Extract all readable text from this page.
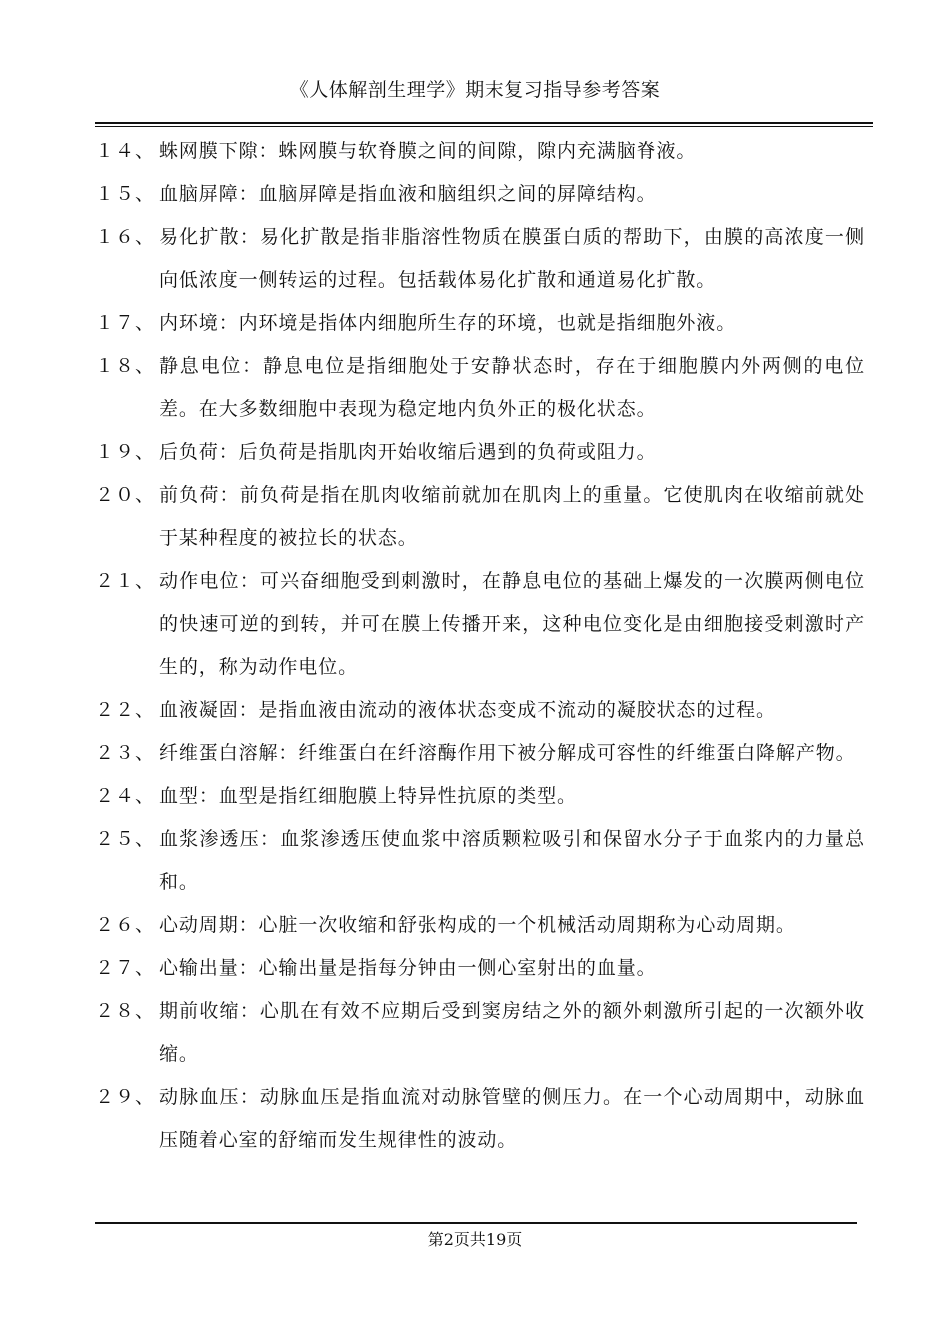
《人体解剖生理学》期末复习指导参考答案
１４、 蛛网膜下隙：蛛网膜与软脊膜之间的间隙，隙内充满脑脊液。
１５、 血脑屏障：血脑屏障是指血液和脑组织之间的屏障结构。
１６、 易化扩散：易化扩散是指非脂溶性物质在膜蛋白质的帮助下，由膜的高浓度一侧向低浓度一侧转运的过程。包括载体易化扩散和通道易化扩散。
１７、 内环境：内环境是指体内细胞所生存的环境，也就是指细胞外液。
１８、 静息电位：静息电位是指细胞处于安静状态时，存在于细胞膜内外两侧的电位差。在大多数细胞中表现为稳定地内负外正的极化状态。
１９、 后负荷：后负荷是指肌肉开始收缩后遇到的负荷或阻力。
２０、 前负荷：前负荷是指在肌肉收缩前就加在肌肉上的重量。它使肌肉在收缩前就处于某种程度的被拉长的状态。
２１、 动作电位：可兴奋细胞受到刺激时，在静息电位的基础上爆发的一次膜两侧电位的快速可逆的到转，并可在膜上传播开来，这种电位变化是由细胞接受刺激时产生的，称为动作电位。
２２、 血液凝固：是指血液由流动的液体状态变成不流动的凝胶状态的过程。
２３、 纤维蛋白溶解：纤维蛋白在纤溶酶作用下被分解成可容性的纤维蛋白降解产物。
２４、 血型：血型是指红细胞膜上特异性抗原的类型。
２５、 血浆渗透压：血浆渗透压使血浆中溶质颗粒吸引和保留水分子于血浆内的力量总和。
２６、 心动周期：心脏一次收缩和舒张构成的一个机械活动周期称为心动周期。
２７、 心输出量：心输出量是指每分钟由一侧心室射出的血量。
２８、 期前收缩：心肌在有效不应期后受到窦房结之外的额外刺激所引起的一次额外收缩。
２９、 动脉血压：动脉血压是指血流对动脉管壁的侧压力。在一个心动周期中，动脉血压随着心室的舒缩而发生规律性的波动。
第2页共19页
